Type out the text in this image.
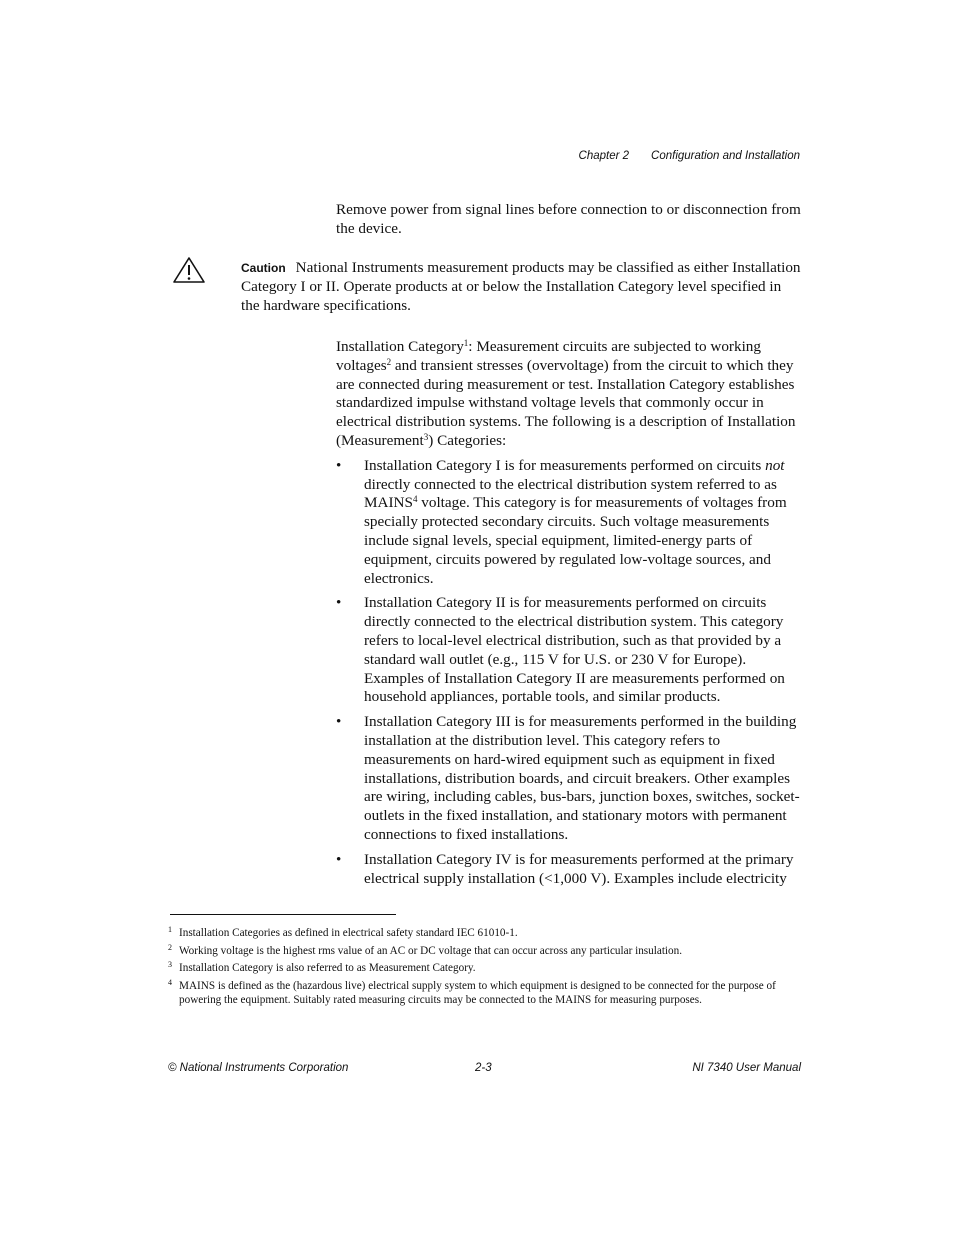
Chapter 2 Configuration and Installation
Remove power from signal lines before connection to or disconnection from the device.
Caution National Instruments measurement products may be classified as either Installation Category I or II. Operate products at or below the Installation Category level specified in the hardware specifications.
Installation Category$^1$: Measurement circuits are subjected to working voltages$^2$ and transient stresses (overvoltage) from the circuit to which they are connected during measurement or test. Installation Category establishes standardized impulse withstand voltage levels that commonly occur in electrical distribution systems. The following is a description of Installation (Measurement$^3$) Categories:
• Installation Category I is for measurements performed on circuits not directly connected to the electrical distribution system referred to as MAINS$^4$ voltage. This category is for measurements of voltages from specially protected secondary circuits. Such voltage measurements include signal levels, special equipment, limited-energy parts of equipment, circuits powered by regulated low-voltage sources, and electronics.
• Installation Category II is for measurements performed on circuits directly connected to the electrical distribution system. This category refers to local-level electrical distribution, such as that provided by a standard wall outlet (e.g., 115 V for U.S. or 230 V for Europe). Examples of Installation Category II are measurements performed on household appliances, portable tools, and similar products.
• Installation Category III is for measurements performed in the building installation at the distribution level. This category refers to measurements on hard-wired equipment such as equipment in fixed installations, distribution boards, and circuit breakers. Other examples are wiring, including cables, bus-bars, junction boxes, switches, socket-outlets in the fixed installation, and stationary motors with permanent connections to fixed installations.
• Installation Category IV is for measurements performed at the primary electrical supply installation (<1,000 V). Examples include electricity
1 Installation Categories as defined in electrical safety standard IEC 61010-1.
2 Working voltage is the highest rms value of an AC or DC voltage that can occur across any particular insulation.
3 Installation Category is also referred to as Measurement Category.
4 MAINS is defined as the (hazardous live) electrical supply system to which equipment is designed to be connected for the purpose of powering the equipment. Suitably rated measuring circuits may be connected to the MAINS for measuring purposes.
© National Instruments Corporation	2-3	NI 7340 User Manual
